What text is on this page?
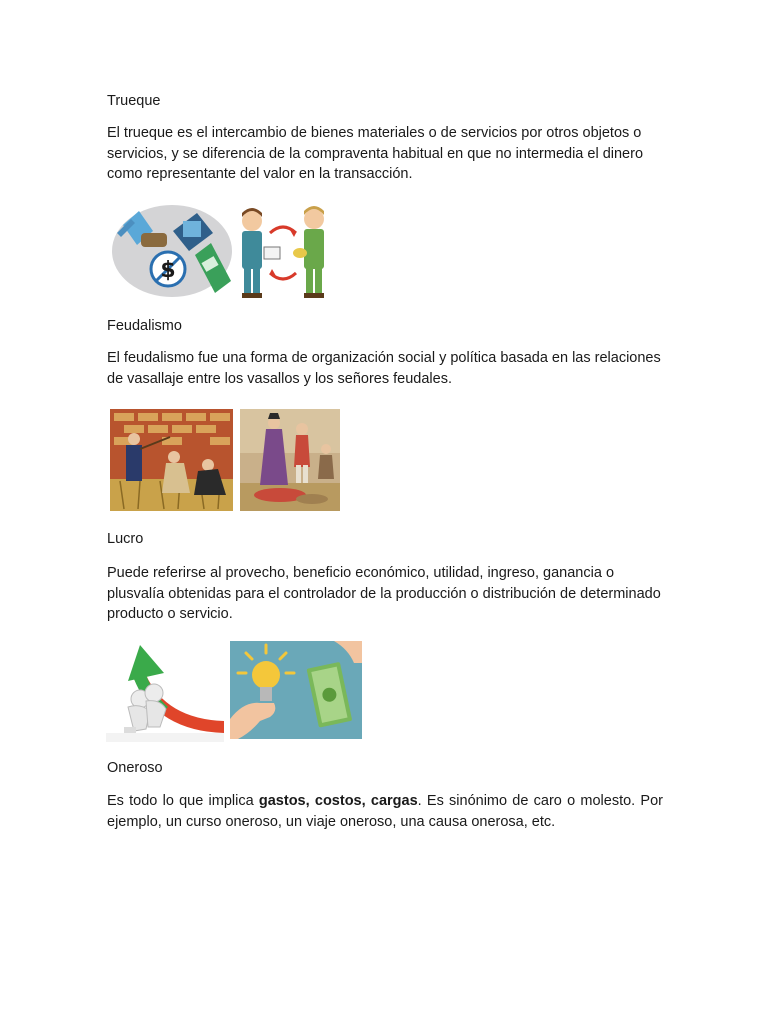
Trueque
El trueque es el intercambio de bienes materiales o de servicios por otros objetos o servicios, y se diferencia de la compraventa habitual en que no intermedia el dinero como representante del valor en la transacción.
$
Feudalismo
El feudalismo fue una forma de organización social y política basada en las relaciones de vasallaje entre los vasallos y los señores feudales.
Lucro
Puede referirse al provecho, beneficio económico, utilidad, ingreso, ganancia o plusvalía obtenidas para el controlador de la producción o distribución de determinado producto o servicio.
Oneroso
Es todo lo que implica gastos, costos, cargas. Es sinónimo de caro o molesto. Por ejemplo, un curso oneroso, un viaje oneroso, una causa onerosa, etc.
